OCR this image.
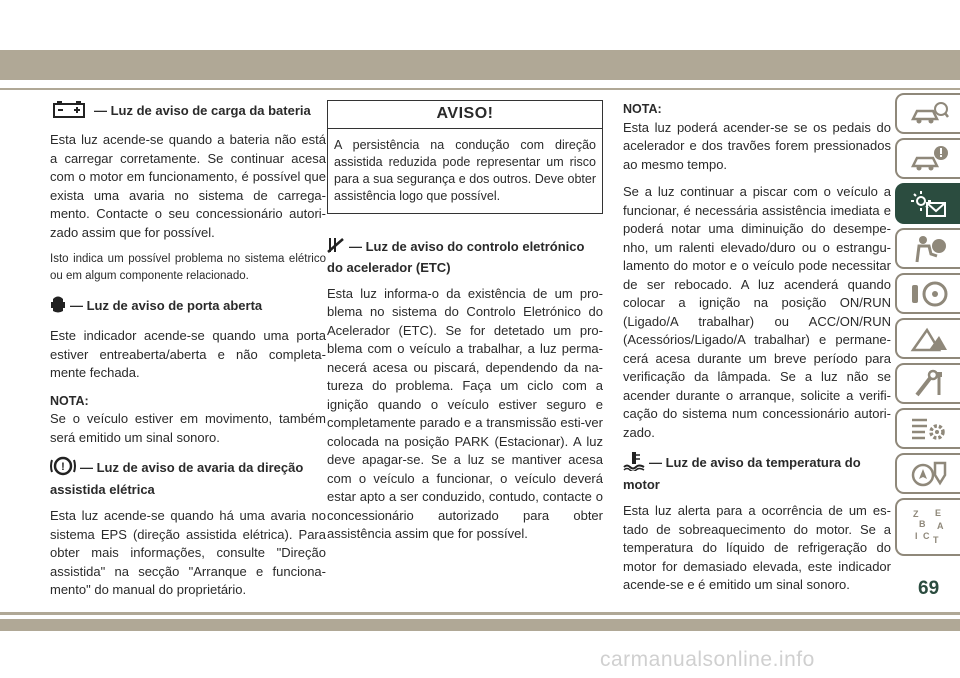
— Luz de aviso de carga da bateria

Esta luz acende-se quando a bateria não está a carregar corretamente. Se continuar acesa com o motor em funcionamento, é possível que exista uma avaria no sistema de carrega-mento. Contacte o seu concessionário autori-zado assim que for possível.

Isto indica um possível problema no sistema elétrico ou em algum componente relacionado.

— Luz de aviso de porta aberta

Este indicador acende-se quando uma porta estiver entreaberta/aberta e não completa-mente fechada.

NOTA:

Se o veículo estiver em movimento, também será emitido um sinal sonoro.

! — Luz de aviso de avaria da direção assistida elétrica

Esta luz acende-se quando há uma avaria no sistema EPS (direção assistida elétrica). Para obter mais informações, consulte "Direção assistida" na secção "Arranque e funciona-mento" do manual do proprietário.

AVISO!
A persistência na condução com direção assistida reduzida pode representar um risco para a sua segurança e dos outros. Deve obter assistência logo que possível.
— Luz de aviso do controlo eletrónico do acelerador (ETC)

Esta luz informa-o da existência de um pro-blema no sistema do Controlo Eletrónico do Acelerador (ETC). Se for detetado um pro-blema com o veículo a trabalhar, a luz perma-necerá acesa ou piscará, dependendo da na-tureza do problema. Faça um ciclo com a ignição quando o veículo estiver seguro e completamente parado e a transmissão esti-ver colocada na posição PARK (Estacionar). A luz deve apagar-se. Se a luz se mantiver acesa com o veículo a funcionar, o veículo deverá estar apto a ser conduzido, contudo, contacte o concessionário autorizado para obter assistência assim que for possível.

NOTA:

Esta luz poderá acender-se se os pedais do acelerador e dos travões forem pressionados ao mesmo tempo.

Se a luz continuar a piscar com o veículo a funcionar, é necessária assistência imediata e poderá notar uma diminuição do desempe-nho, um ralenti elevado/duro ou o estrangu-lamento do motor e o veículo pode necessitar de ser rebocado. A luz acenderá quando colocar a ignição na posição ON/RUN (Ligado/A trabalhar) ou ACC/ON/RUN (Acessórios/Ligado/A trabalhar) e permane-cerá acesa durante um breve período para verificação da lâmpada. Se a luz não se acender durante o arranque, solicite a verifi-cação do sistema num concessionário autori-zado.

— Luz de aviso da temperatura do motor

Esta luz alerta para a ocorrência de um es-tado de sobreaquecimento do motor. Se a temperatura do líquido de refrigeração do motor for demasiado elevada, este indicador acende-se e é emitido um sinal sonoro.

Z E
B A
I C T
69
carmanualsonline.info
